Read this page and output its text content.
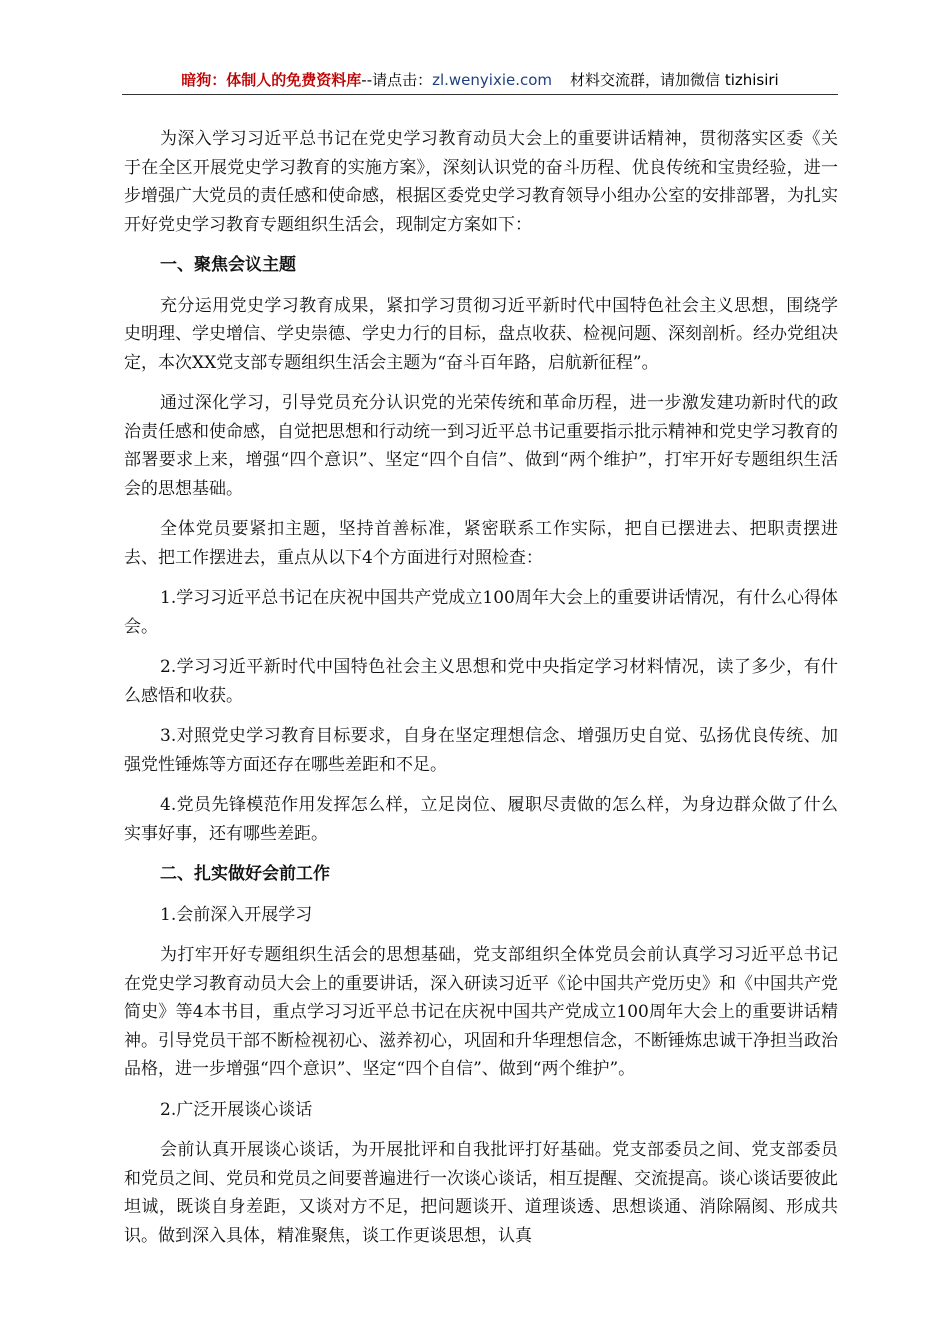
暗狗：体制人的免费资料库--请点击：zl.wenyixie.com 材料交流群，请加微信 tizhisiri

为深入学习习近平总书记在党史学习教育动员大会上的重要讲话精神，贯彻落实区委《关于在全区开展党史学习教育的实施方案》，深刻认识党的奋斗历程、优良传统和宝贵经验，进一步增强广大党员的责任感和使命感，根据区委党史学习教育领导小组办公室的安排部署，为扎实开好党史学习教育专题组织生活会，现制定方案如下：

一、聚焦会议主题

充分运用党史学习教育成果，紧扣学习贯彻习近平新时代中国特色社会主义思想，围绕学史明理、学史增信、学史崇德、学史力行的目标，盘点收获、检视问题、深刻剖析。经办党组决定，本次XX党支部专题组织生活会主题为“奋斗百年路，启航新征程”。

通过深化学习，引导党员充分认识党的光荣传统和革命历程，进一步激发建功新时代的政治责任感和使命感，自觉把思想和行动统一到习近平总书记重要指示批示精神和党史学习教育的部署要求上来，增强“四个意识”、坚定“四个自信”、做到“两个维护”，打牢开好专题组织生活会的思想基础。

全体党员要紧扣主题，坚持首善标准，紧密联系工作实际，把自已摆进去、把职责摆进去、把工作摆进去，重点从以下4个方面进行对照检查：

1.学习习近平总书记在庆祝中国共产党成立100周年大会上的重要讲话情况，有什么心得体会。

2.学习习近平新时代中国特色社会主义思想和党中央指定学习材料情况，读了多少，有什么感悟和收获。

3.对照党史学习教育目标要求，自身在坚定理想信念、增强历史自觉、弘扬优良传统、加强党性锤炼等方面还存在哪些差距和不足。

4.党员先锋模范作用发挥怎么样，立足岗位、履职尽责做的怎么样，为身边群众做了什么实事好事，还有哪些差距。

二、扎实做好会前工作

1.会前深入开展学习

为打牢开好专题组织生活会的思想基础，党支部组织全体党员会前认真学习习近平总书记在党史学习教育动员大会上的重要讲话，深入研读习近平《论中国共产党历史》和《中国共产党简史》等4本书目，重点学习习近平总书记在庆祝中国共产党成立100周年大会上的重要讲话精神。引导党员干部不断检视初心、滋养初心，巩固和升华理想信念，不断锤炼忠诚干净担当政治品格，进一步增强“四个意识”、坚定“四个自信”、做到“两个维护”。

2.广泛开展谈心谈话

会前认真开展谈心谈话，为开展批评和自我批评打好基础。党支部委员之间、党支部委员和党员之间、党员和党员之间要普遍进行一次谈心谈话，相互提醒、交流提高。谈心谈话要彼此坦诚，既谈自身差距，又谈对方不足，把问题谈开、道理谈透、思想谈通、消除隔阂、形成共识。做到深入具体，精准聚焦，谈工作更谈思想，认真
